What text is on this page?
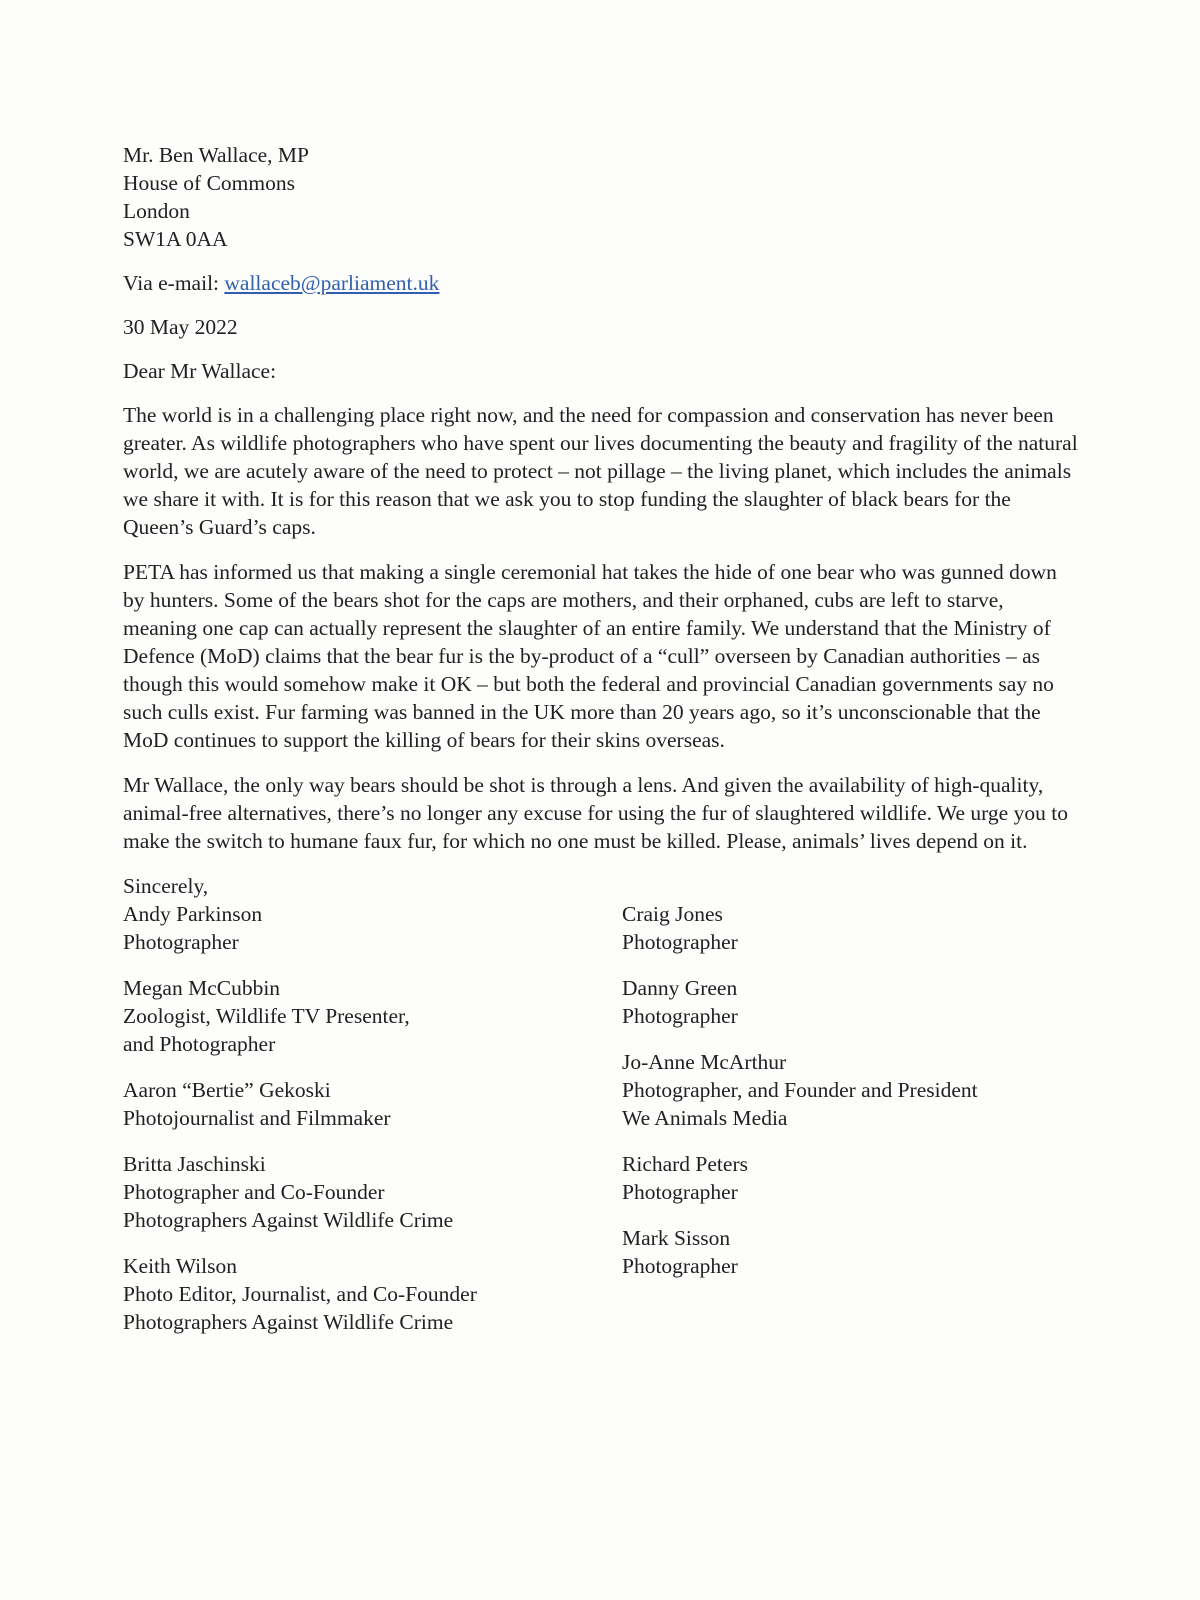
Mr. Ben Wallace, MP
House of Commons
London
SW1A 0AA
Via e-mail: wallaceb@parliament.uk
30 May 2022
Dear Mr Wallace:

The world is in a challenging place right now, and the need for compassion and conservation has never been greater. As wildlife photographers who have spent our lives documenting the beauty and fragility of the natural world, we are acutely aware of the need to protect – not pillage – the living planet, which includes the animals we share it with. It is for this reason that we ask you to stop funding the slaughter of black bears for the Queen’s Guard’s caps.

PETA has informed us that making a single ceremonial hat takes the hide of one bear who was gunned down by hunters. Some of the bears shot for the caps are mothers, and their orphaned, cubs are left to starve, meaning one cap can actually represent the slaughter of an entire family. We understand that the Ministry of Defence (MoD) claims that the bear fur is the by-product of a “cull” overseen by Canadian authorities – as though this would somehow make it OK – but both the federal and provincial Canadian governments say no such culls exist. Fur farming was banned in the UK more than 20 years ago, so it’s unconscionable that the MoD continues to support the killing of bears for their skins overseas.

Mr Wallace, the only way bears should be shot is through a lens. And given the availability of high-quality, animal-free alternatives, there’s no longer any excuse for using the fur of slaughtered wildlife. We urge you to make the switch to humane faux fur, for which no one must be killed. Please, animals’ lives depend on it.

Sincerely,
Andy Parkinson
Photographer
Megan McCubbin
Zoologist, Wildlife TV Presenter,
and Photographer
Aaron “Bertie” Gekoski
Photojournalist and Filmmaker
Britta Jaschinski
Photographer and Co-Founder
Photographers Against Wildlife Crime
Keith Wilson
Photo Editor, Journalist, and Co-Founder
Photographers Against Wildlife Crime
Craig Jones
Photographer
Danny Green
Photographer
Jo-Anne McArthur
Photographer, and Founder and President
We Animals Media
Richard Peters
Photographer
Mark Sisson
Photographer
